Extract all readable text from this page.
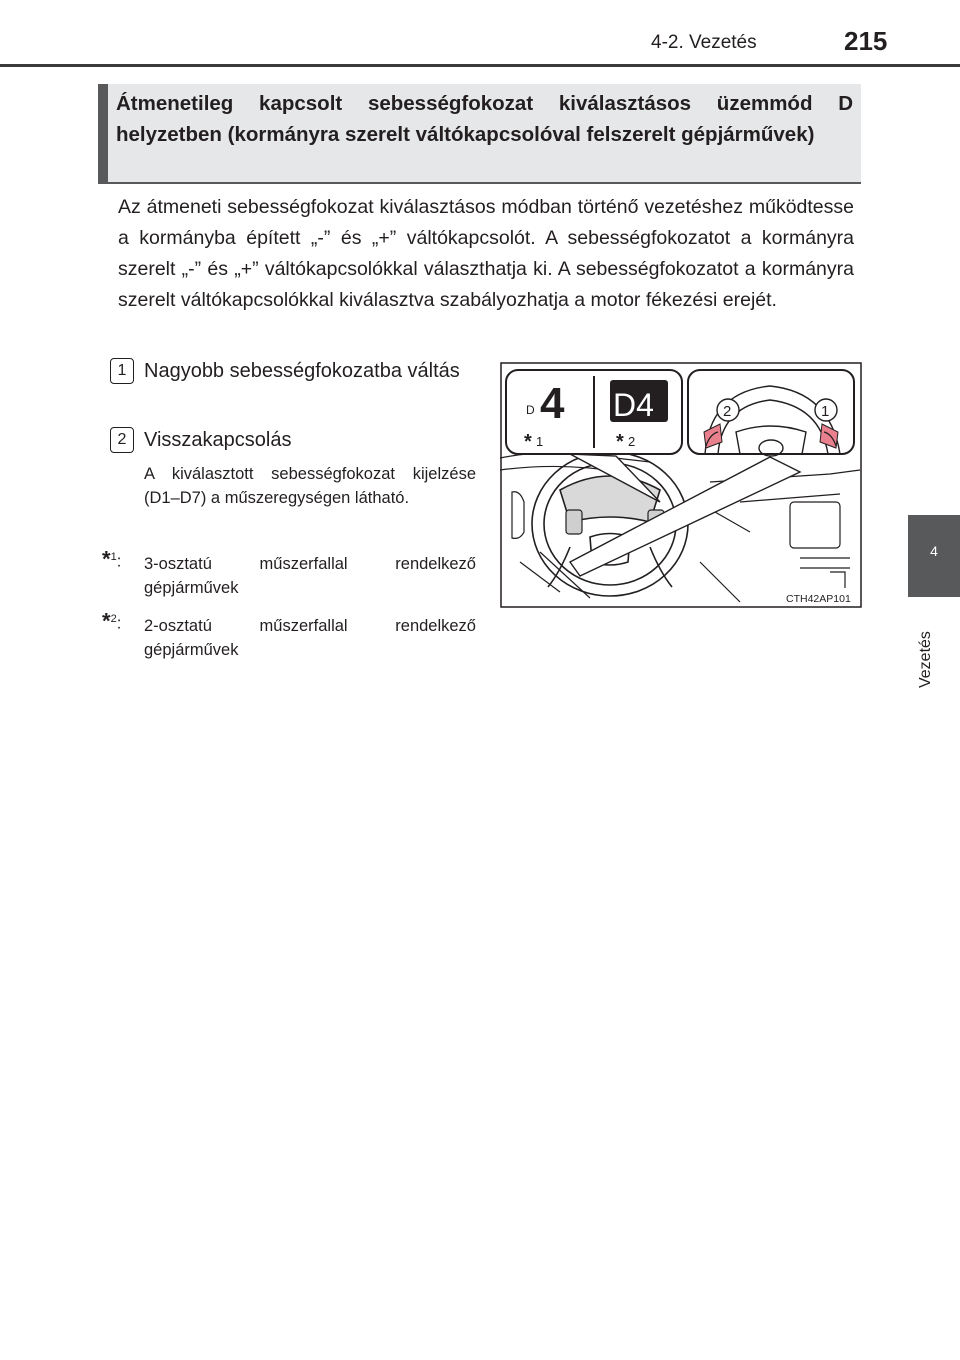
4-2. Vezetés	215
4
Vezetés
Átmenetileg kapcsolt sebességfokozat kiválasztásos üzemmód D helyzetben (kormányra szerelt váltókapcsolóval felszerelt gépjárművek)
Az átmeneti sebességfokozat kiválasztásos módban történő vezetéshez működtesse a kormányba épített „-” és „+” váltókapcsolót. A sebességfokozatot a kormányra szerelt „-” és „+” váltókapcsolókkal választhatja ki. A sebességfokozatot a kormányra szerelt váltókapcsolókkal kiválasztva szabályozhatja a motor fékezési erejét.
1 Nagyobb sebességfokozatba váltás
2 Visszakapcsolás
A kiválasztott sebességfokozat kijelzése (D1–D7) a műszeregységen látható.
*$^1$: 3-osztatú műszerfallal rendelkező gépjárművek
*$^2$: 2-osztatú műszerfallal rendelkező gépjárművek
D 4 D4
* 1	* 2
2	1
CTH42AP101
